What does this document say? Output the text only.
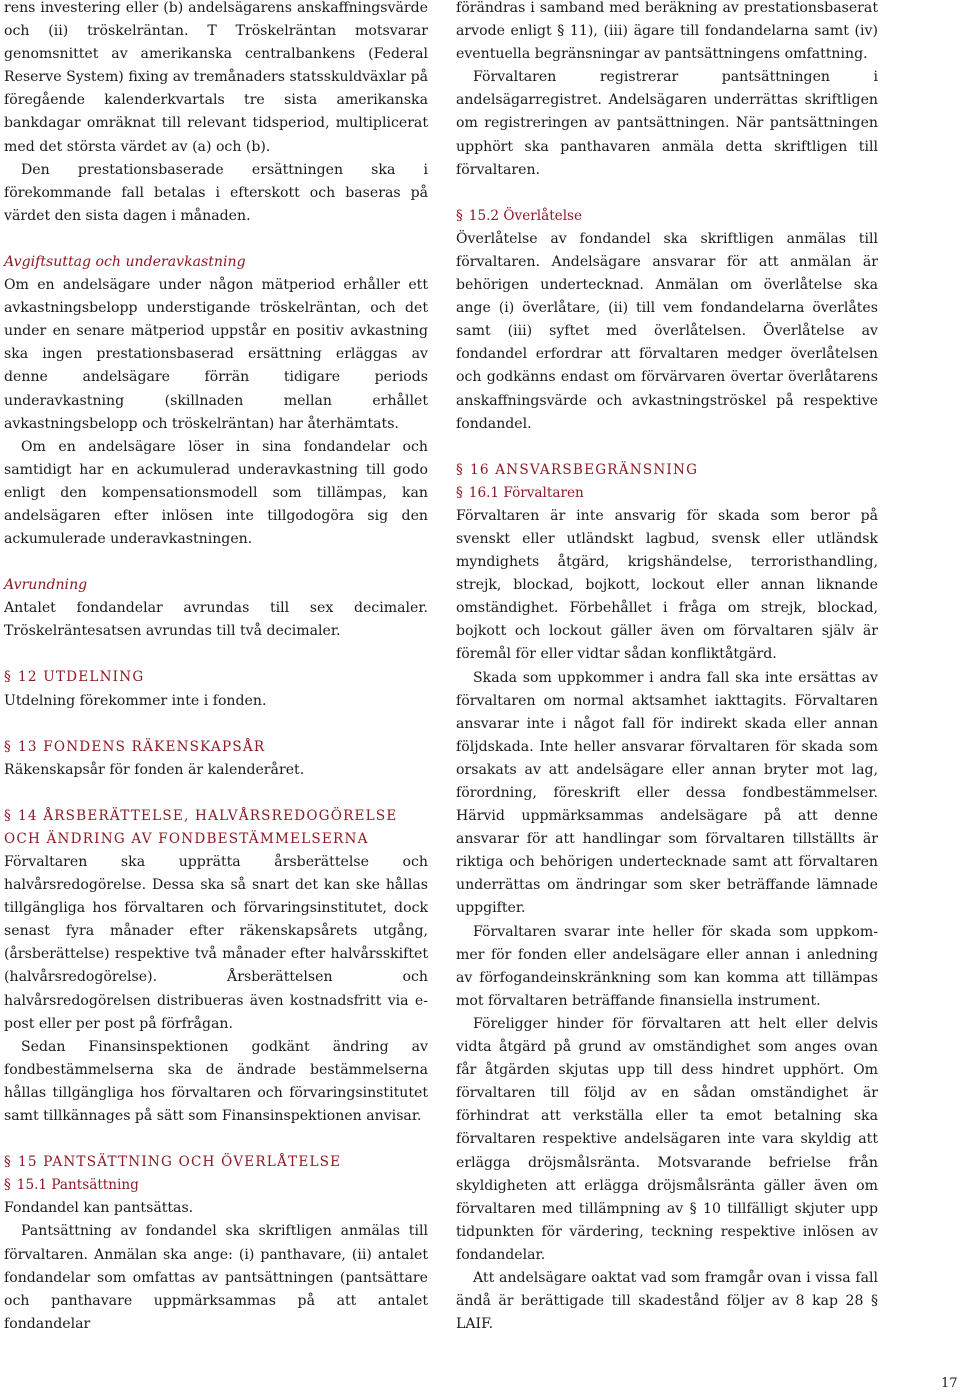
rens investering eller (b) andelsägarens anskaffningsvärde och (ii) tröskelräntan. T Tröskelräntan motsvarar genomsnittet av amerikanska centralbankens (Federal Reserve System) fixing av tremånaders statsskuldväxlar på föregående kalenderkvartals tre sista amerikanska bankdagar omräknat till relevant tidsperiod, multiplicerat med det största värdet av (a) och (b).

Den prestationsbaserade ersättningen ska i förekommande fall betalas i efterskott och baseras på värdet den sista dagen i månaden.

Avgiftsuttag och underavkastning

Om en andelsägare under någon mätperiod erhåller ett avkastningsbelopp understigande tröskelräntan, och det under en senare mätperiod uppstår en positiv avkastning ska ingen prestationsbaserad ersättning erläggas av denne andelsägare förrän tidigare periods underavkastning (skillnaden mellan erhållet avkastningsbelopp och tröskelräntan) har återhämtats.

Om en andelsägare löser in sina fondandelar och samtidigt har en ackumulerad underavkastning till godo enligt den kompensationsmodell som tillämpas, kan andelsägaren efter inlösen inte tillgodogöra sig den ackumulerade underavkastningen.

Avrundning

Antalet fondandelar avrundas till sex decimaler. Tröskelräntesatsen avrundas till två decimaler.

§ 12 UTDELNING

Utdelning förekommer inte i fonden.

§ 13 FONDENS RÄKENSKAPSÅR

Räkenskapsår för fonden är kalenderåret.

§ 14 ÅRSBERÄTTELSE, HALVÅRSREDOGÖRELSE OCH ÄNDRING AV FONDBESTÄMMELSERNA

Förvaltaren ska upprätta årsberättelse och halvårsredogörelse. Dessa ska så snart det kan ske hållas tillgängliga hos förvaltaren och förvaringsinstitutet, dock senast fyra månader efter räkenskapsårets utgång, (årsberättelse) respektive två månader efter halvårsskiftet (halvårsredogörelse). Årsberättelsen och halvårsredogörelsen distribueras även kostnadsfritt via e-post eller per post på förfrågan.

Sedan Finansinspektionen godkänt ändring av fondbestämmelserna ska de ändrade bestämmelserna hållas tillgängliga hos förvaltaren och förvaringsinstitutet samt tillkännages på sätt som Finansinspektionen anvisar.

§ 15 PANTSÄTTNING OCH ÖVERLÅTELSE
§ 15.1 Pantsättning

Fondandel kan pantsättas.

Pantsättning av fondandel ska skriftligen anmälas till förvaltaren. Anmälan ska ange: (i) panthavare, (ii) antalet fondandelar som omfattas av pantsättningen (pantsättare och panthavare uppmärksammas på att antalet fondandelar

förändras i samband med beräkning av prestationsbaserat arvode enligt § 11), (iii) ägare till fondandelarna samt (iv) eventuella begränsningar av pantsättningens omfattning.

Förvaltaren registrerar pantsättningen i andelsägarregistret. Andelsägaren underrättas skriftligen om registreringen av pantsättningen. När pantsättningen upphört ska panthavaren anmäla detta skriftligen till förvaltaren.

§ 15.2 Överlåtelse

Överlåtelse av fondandel ska skriftligen anmälas till förvaltaren. Andelsägare ansvarar för att anmälan är behörigen undertecknad. Anmälan om överlåtelse ska ange (i) överlåtare, (ii) till vem fondandelarna överlåtes samt (iii) syftet med överlåtelsen. Överlåtelse av fondandel erfordrar att förvaltaren medger överlåtelsen och godkänns endast om förvärvaren övertar överlåtarens anskaffningsvärde och avkastningströskel på respektive fondandel.

§ 16 ANSVARSBEGRÄNSNING
§ 16.1 Förvaltaren

Förvaltaren är inte ansvarig för skada som beror på svenskt eller utländskt lagbud, svensk eller utländsk myndighets åtgärd, krigshändelse, terroristhandling, strejk, blockad, bojkott, lockout eller annan liknande omständighet. Förbehållet i fråga om strejk, blockad, bojkott och lockout gäller även om förvaltaren själv är föremål för eller vidtar sådan konfliktåtgärd.

Skada som uppkommer i andra fall ska inte ersättas av förvaltaren om normal aktsamhet iakttagits. Förvaltaren ansvarar inte i något fall för indirekt skada eller annan följdskada. Inte heller ansvarar förvaltaren för skada som orsakats av att andelsägare eller annan bryter mot lag, förordning, föreskrift eller dessa fondbestämmelser. Härvid uppmärksammas andelsägare på att denne ansvarar för att handlingar som förvaltaren tillställts är riktiga och behörigen undertecknade samt att förvaltaren underrättas om ändringar som sker beträffande lämnade uppgifter.

Förvaltaren svarar inte heller för skada som uppkommer för fonden eller andelsägare eller annan i anledning av förfogandeinskränkning som kan komma att tillämpas mot förvaltaren beträffande finansiella instrument.

Föreligger hinder för förvaltaren att helt eller delvis vidta åtgärd på grund av omständighet som anges ovan får åtgärden skjutas upp till dess hindret upphört. Om förvaltaren till följd av en sådan omständighet är förhindrat att verkställa eller ta emot betalning ska förvaltaren respektive andelsägaren inte vara skyldig att erlägga dröjsmålsränta. Motsvarande befrielse från skyldigheten att erlägga dröjsmålsränta gäller även om förvaltaren med tillämpning av § 10 tillfälligt skjuter upp tidpunkten för värdering, teckning respektive inlösen av fondandelar.

Att andelsägare oaktat vad som framgår ovan i vissa fall ändå är berättigade till skadestånd följer av 8 kap 28 § LAIF.

17
